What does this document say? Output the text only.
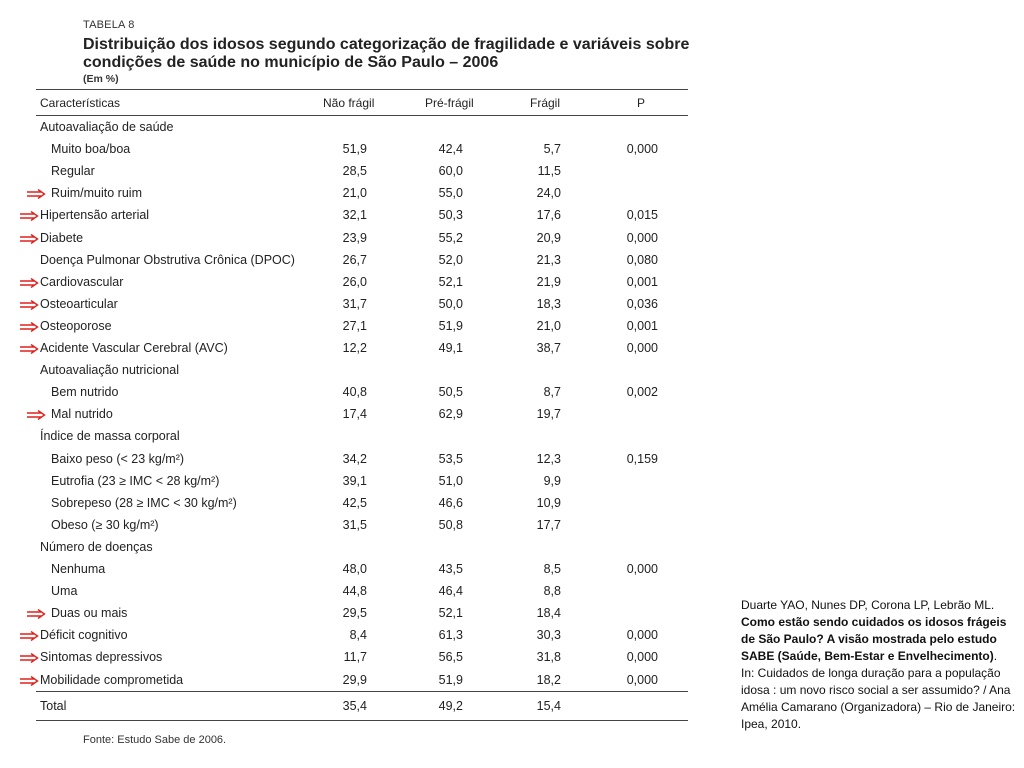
TABELA 8
Distribuição dos idosos segundo categorização de fragilidade e variáveis sobre condições de saúde no município de São Paulo – 2006
(Em %)
Características	Não frágil	Pré-frágil	Frágil	P
Autoavaliação de saúde
Muito boa/boa	51,9	42,4	5,7	0,000
Regular	28,5	60,0	11,5
Ruim/muito ruim	21,0	55,0	24,0
Hipertensão arterial	32,1	50,3	17,6	0,015
Diabete	23,9	55,2	20,9	0,000
Doença Pulmonar Obstrutiva Crônica (DPOC)	26,7	52,0	21,3	0,080
Cardiovascular	26,0	52,1	21,9	0,001
Osteoarticular	31,7	50,0	18,3	0,036
Osteoporose	27,1	51,9	21,0	0,001
Acidente Vascular Cerebral (AVC)	12,2	49,1	38,7	0,000
Autoavaliação nutricional
Bem nutrido	40,8	50,5	8,7	0,002
Mal nutrido	17,4	62,9	19,7
Índice de massa corporal
Baixo peso (< 23 kg/m²)	34,2	53,5	12,3	0,159
Eutrofia (23 ≥ IMC < 28 kg/m²)	39,1	51,0	9,9
Sobrepeso (28 ≥ IMC < 30 kg/m²)	42,5	46,6	10,9
Obeso (≥ 30 kg/m²)	31,5	50,8	17,7
Número de doenças
Nenhuma	48,0	43,5	8,5	0,000
Uma	44,8	46,4	8,8
Duas ou mais	29,5	52,1	18,4
Déficit cognitivo	8,4	61,3	30,3	0,000
Sintomas depressivos	11,7	56,5	31,8	0,000
Mobilidade comprometida	29,9	51,9	18,2	0,000
Total	35,4	49,2	15,4
Fonte: Estudo Sabe de 2006.
Duarte YAO, Nunes DP, Corona LP, Lebrão ML. Como estão sendo cuidados os idosos frágeis de São Paulo? A visão mostrada pelo estudo SABE (Saúde, Bem-Estar e Envelhecimento).
In: Cuidados de longa duração para a população idosa : um novo risco social a ser assumido? / Ana Amélia Camarano (Organizadora) – Rio de Janeiro: Ipea, 2010.
